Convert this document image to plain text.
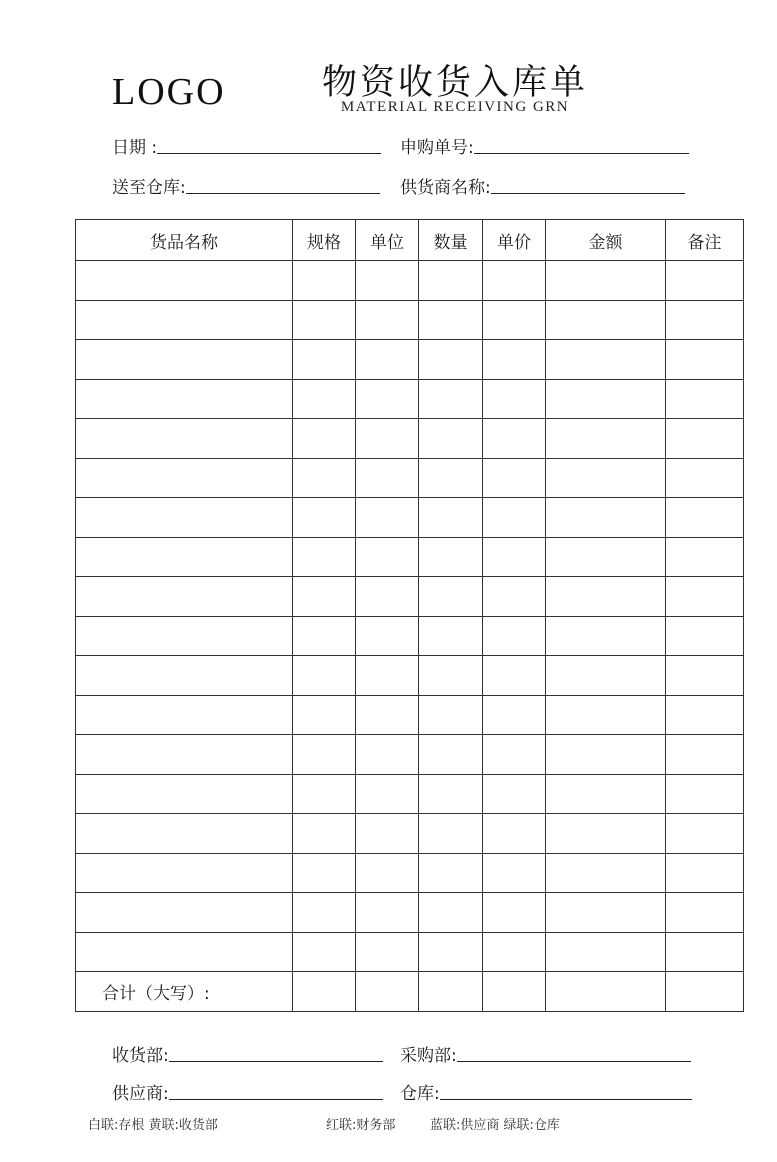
LOGO	物资收货入库单
MATERIAL RECEIVING GRN
日期 :	申购单号:
送至仓库:	供货商名称:
货品名称	规格	单位	数量	单价	金额	备注

合计（大写）:						
收货部:	采购部:
供应商:	仓库:
白联:存根 黄联:收货部	红联:财务部	蓝联:供应商 绿联:仓库
